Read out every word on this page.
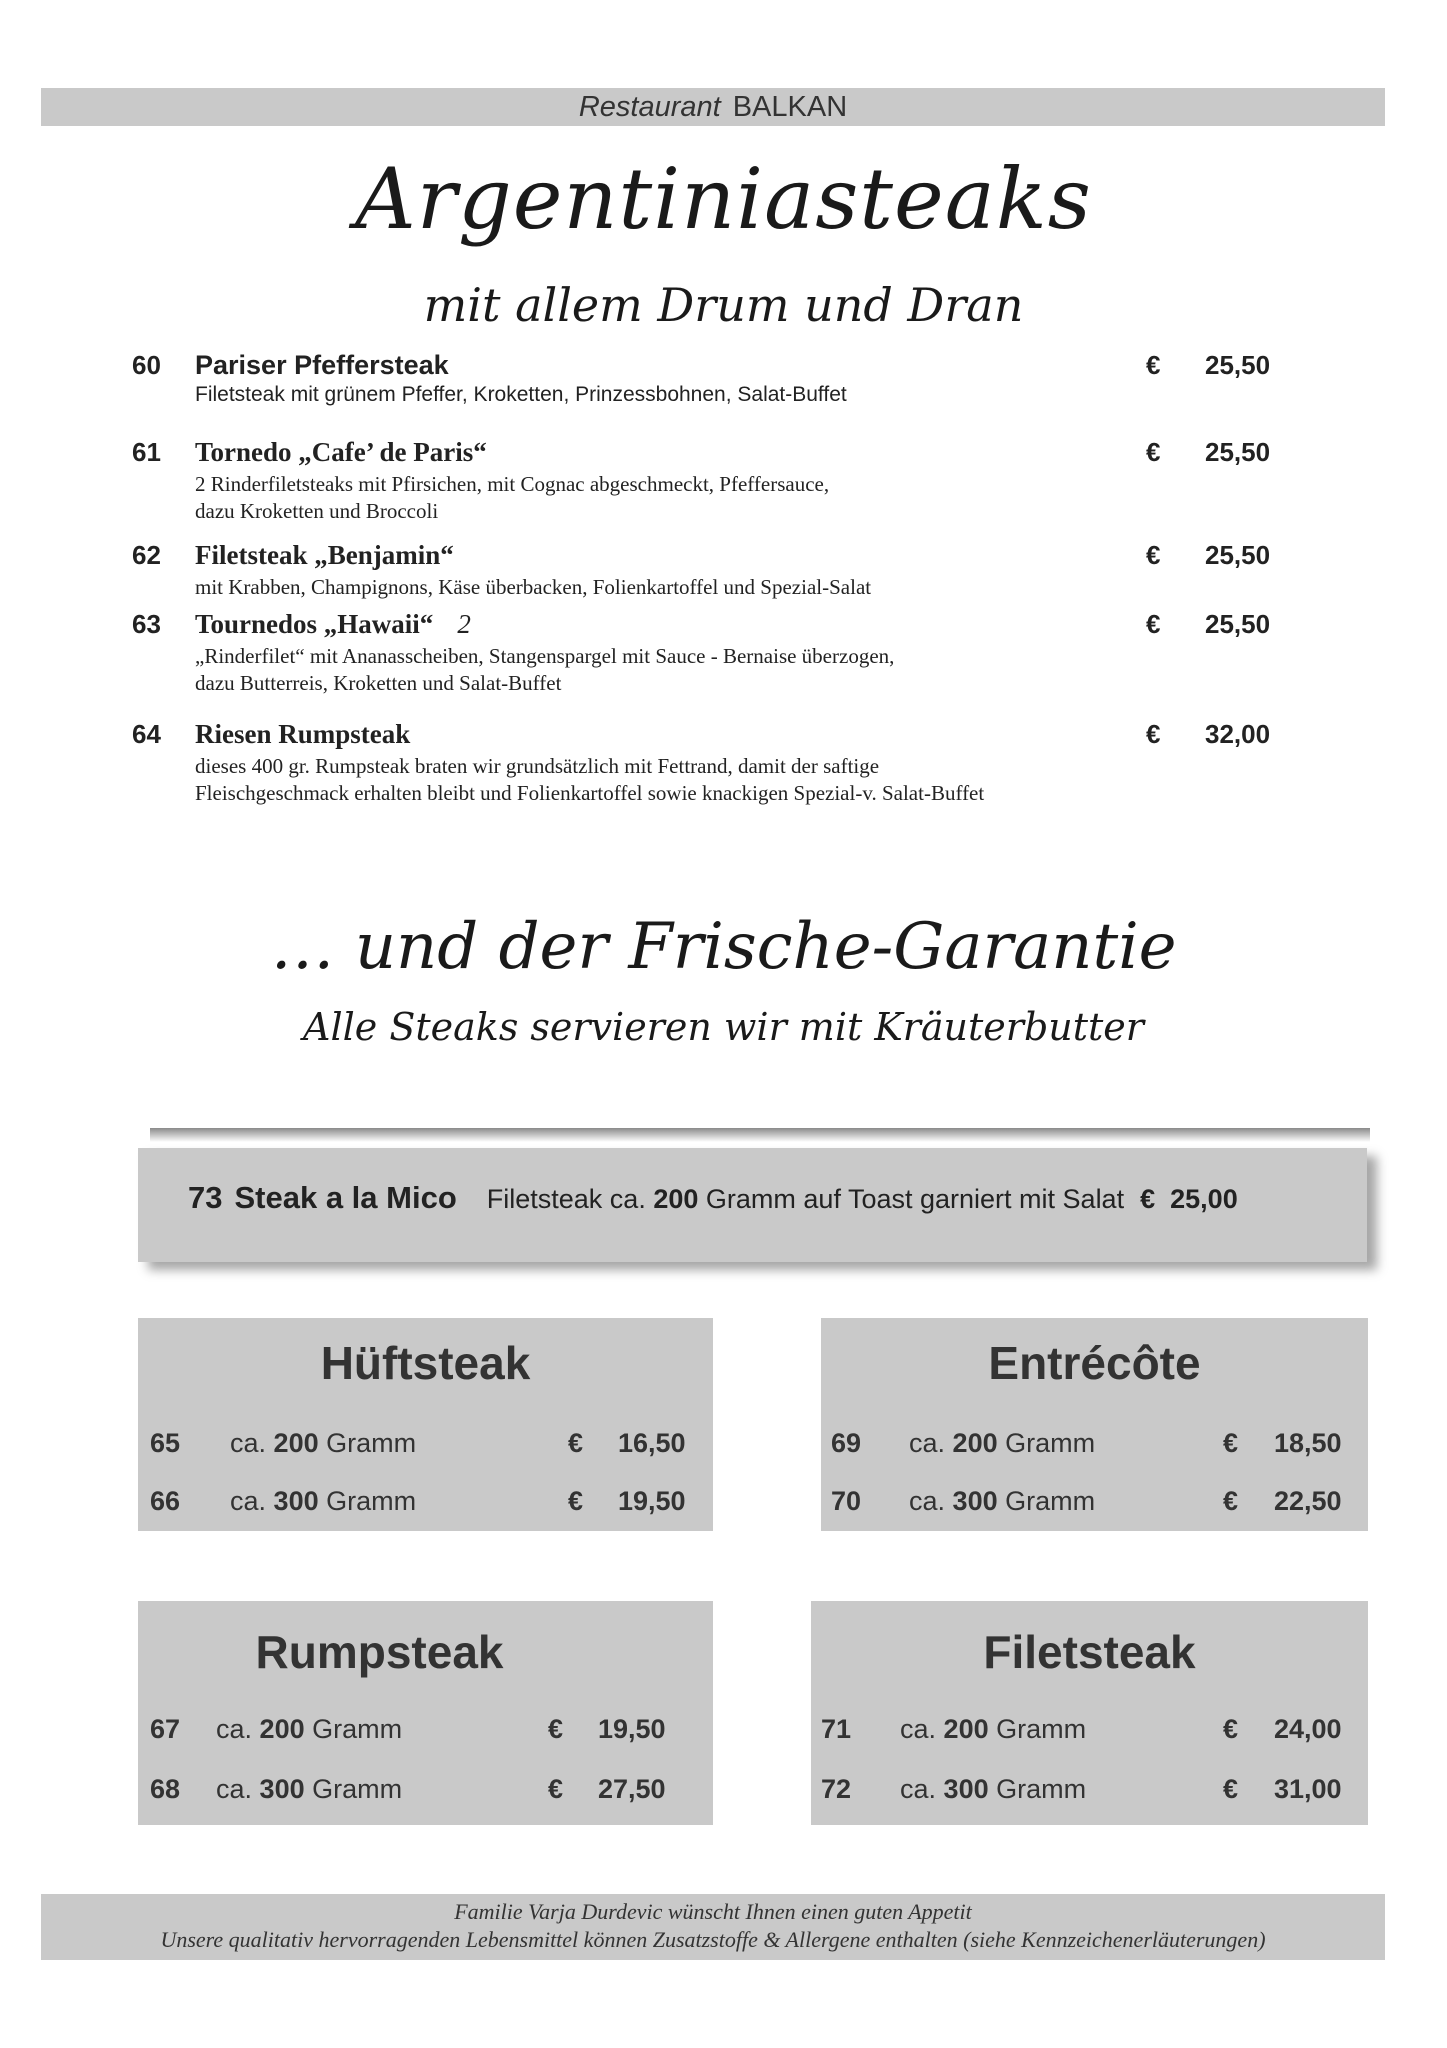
Restaurant BALKAN
Argentiniasteaks
mit allem Drum und Dran
60 Pariser Pfeffersteak
Filetsteak mit grünem Pfeffer, Kroketten, Prinzessbohnen, Salat-Buffet
€ 25,50
61 Tornedo „Cafe’ de Paris“
2 Rinderfiletsteaks mit Pfirsichen, mit Cognac abgeschmeckt, Pfeffersauce,
dazu Kroketten und Broccoli
€ 25,50
62 Filetsteak „Benjamin“
mit Krabben, Champignons, Käse überbacken, Folienkartoffel und Spezial-Salat
€ 25,50
63 Tournedos „Hawaii“ 2
„Rinderfilet“ mit Ananasscheiben, Stangenspargel mit Sauce - Bernaise überzogen,
dazu Butterreis, Kroketten und Salat-Buffet
€ 25,50
64 Riesen Rumpsteak
dieses 400 gr. Rumpsteak braten wir grundsätzlich mit Fettrand, damit der saftige
Fleischgeschmack erhalten bleibt und Folienkartoffel sowie knackigen Spezial-v. Salat-Buffet
€ 32,00
… und der Frische-Garantie
Alle Steaks servieren wir mit Kräuterbutter
73 Steak a la Mico Filetsteak ca. 200 Gramm auf Toast garniert mit Salat € 25,00
Hüftsteak
65 ca. 200 Gramm	€ 16,50
66 ca. 300 Gramm	€ 19,50
Entrécôte
69 ca. 200 Gramm	€ 18,50
70 ca. 300 Gramm	€ 22,50
Rumpsteak
67 ca. 200 Gramm	€ 19,50
68 ca. 300 Gramm	€ 27,50
Filetsteak
71 ca. 200 Gramm	€ 24,00
72 ca. 300 Gramm	€ 31,00
Familie Varja Durdevic wünscht Ihnen einen guten Appetit
Unsere qualitativ hervorragenden Lebensmittel können Zusatzstoffe & Allergene enthalten (siehe Kennzeichenerläuterungen)
